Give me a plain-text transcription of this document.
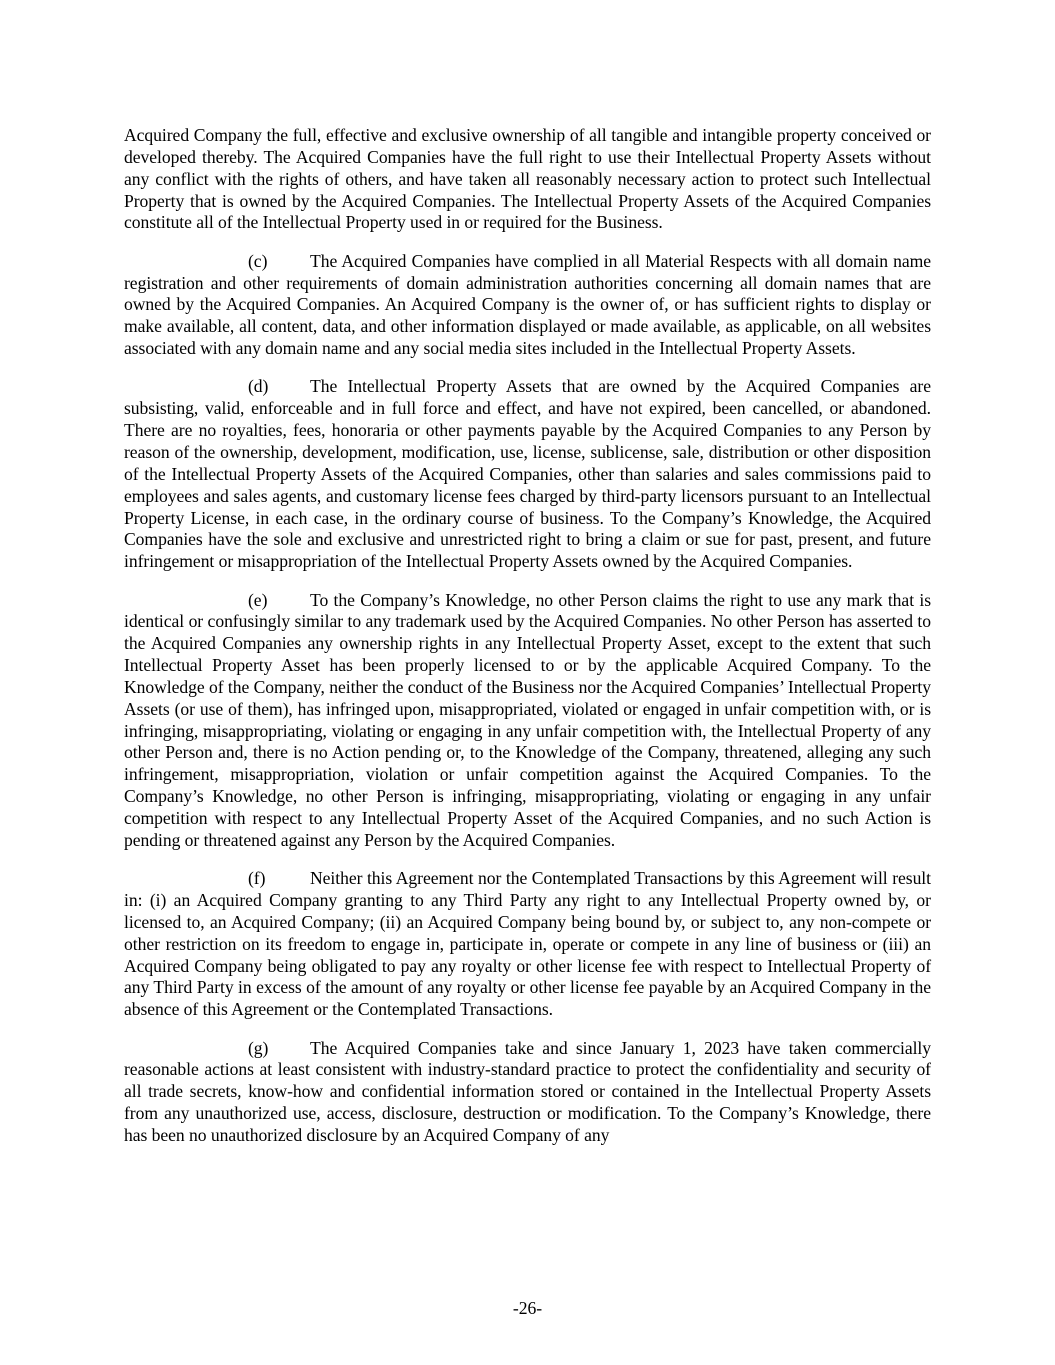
Acquired Company the full, effective and exclusive ownership of all tangible and intangible property conceived or developed thereby. The Acquired Companies have the full right to use their Intellectual Property Assets without any conflict with the rights of others, and have taken all reasonably necessary action to protect such Intellectual Property that is owned by the Acquired Companies. The Intellectual Property Assets of the Acquired Companies constitute all of the Intellectual Property used in or required for the Business.

(c) The Acquired Companies have complied in all Material Respects with all domain name registration and other requirements of domain administration authorities concerning all domain names that are owned by the Acquired Companies. An Acquired Company is the owner of, or has sufficient rights to display or make available, all content, data, and other information displayed or made available, as applicable, on all websites associated with any domain name and any social media sites included in the Intellectual Property Assets.

(d) The Intellectual Property Assets that are owned by the Acquired Companies are subsisting, valid, enforceable and in full force and effect, and have not expired, been cancelled, or abandoned. There are no royalties, fees, honoraria or other payments payable by the Acquired Companies to any Person by reason of the ownership, development, modification, use, license, sublicense, sale, distribution or other disposition of the Intellectual Property Assets of the Acquired Companies, other than salaries and sales commissions paid to employees and sales agents, and customary license fees charged by third-party licensors pursuant to an Intellectual Property License, in each case, in the ordinary course of business. To the Company’s Knowledge, the Acquired Companies have the sole and exclusive and unrestricted right to bring a claim or sue for past, present, and future infringement or misappropriation of the Intellectual Property Assets owned by the Acquired Companies.

(e) To the Company’s Knowledge, no other Person claims the right to use any mark that is identical or confusingly similar to any trademark used by the Acquired Companies. No other Person has asserted to the Acquired Companies any ownership rights in any Intellectual Property Asset, except to the extent that such Intellectual Property Asset has been properly licensed to or by the applicable Acquired Company. To the Knowledge of the Company, neither the conduct of the Business nor the Acquired Companies’ Intellectual Property Assets (or use of them), has infringed upon, misappropriated, violated or engaged in unfair competition with, or is infringing, misappropriating, violating or engaging in any unfair competition with, the Intellectual Property of any other Person and, there is no Action pending or, to the Knowledge of the Company, threatened, alleging any such infringement, misappropriation, violation or unfair competition against the Acquired Companies. To the Company’s Knowledge, no other Person is infringing, misappropriating, violating or engaging in any unfair competition with respect to any Intellectual Property Asset of the Acquired Companies, and no such Action is pending or threatened against any Person by the Acquired Companies.

(f)	Neither this Agreement nor the Contemplated Transactions by this Agreement will result in: (i) an Acquired Company granting to any Third Party any right to any Intellectual Property owned by, or licensed to, an Acquired Company; (ii) an Acquired Company being bound by, or subject to, any non-compete or other restriction on its freedom to engage in, participate in, operate or compete in any line of business or (iii) an Acquired Company being obligated to pay any royalty or other license fee with respect to Intellectual Property of any Third Party in excess of the amount of any royalty or other license fee payable by an Acquired Company in the absence of this Agreement or the Contemplated Transactions.

(g) The Acquired Companies take and since January 1, 2023 have taken commercially reasonable actions at least consistent with industry-standard practice to protect the confidentiality and security of all trade secrets, know-how and confidential information stored or contained in the Intellectual Property Assets from any unauthorized use, access, disclosure, destruction or modification. To the Company’s Knowledge, there has been no unauthorized disclosure by an Acquired Company of any

-26-
